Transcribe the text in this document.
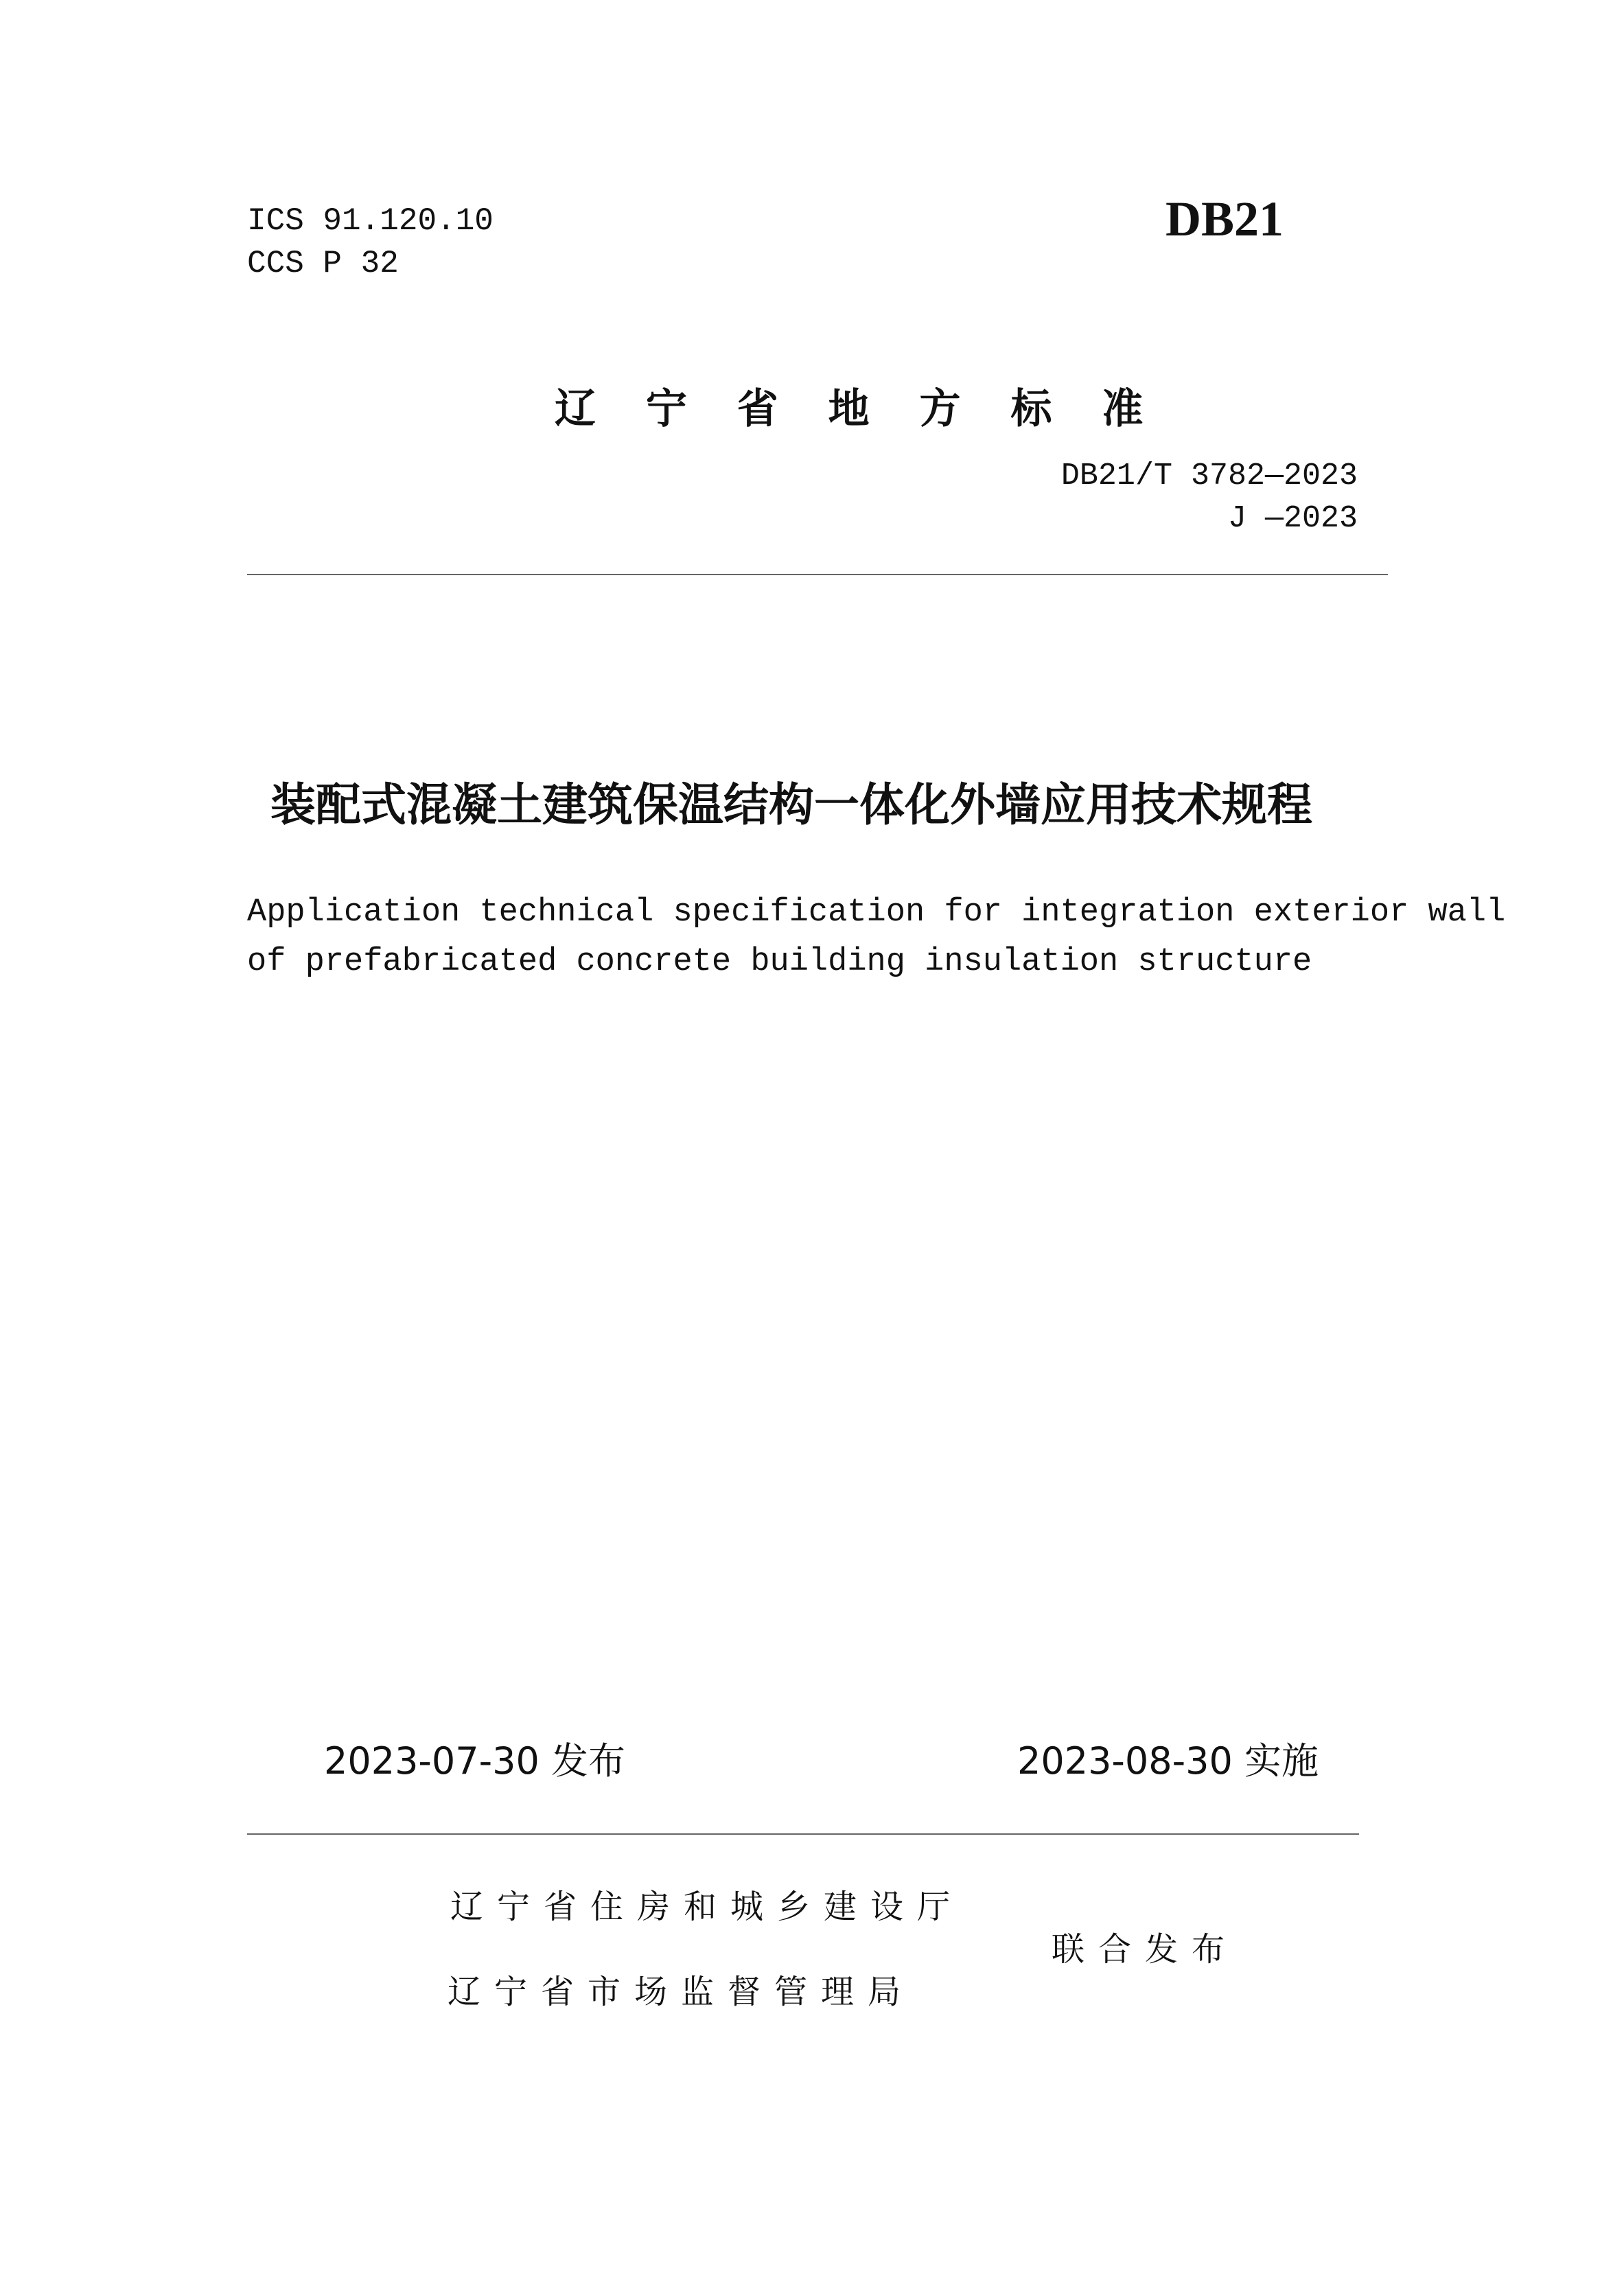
ICS 91.120.10
CCS P 32
DB21
辽 宁 省 地 方 标 准
DB21/T 3782—2023
J —2023
装配式混凝土建筑保温结构一体化外墙应用技术规程
Application technical specification for integration exterior wall
of prefabricated concrete building insulation structure
2023-07-30 发布	2023-08-30 实施
辽宁省住房和城乡建设厅
联合发布
辽宁省市场监督管理局
